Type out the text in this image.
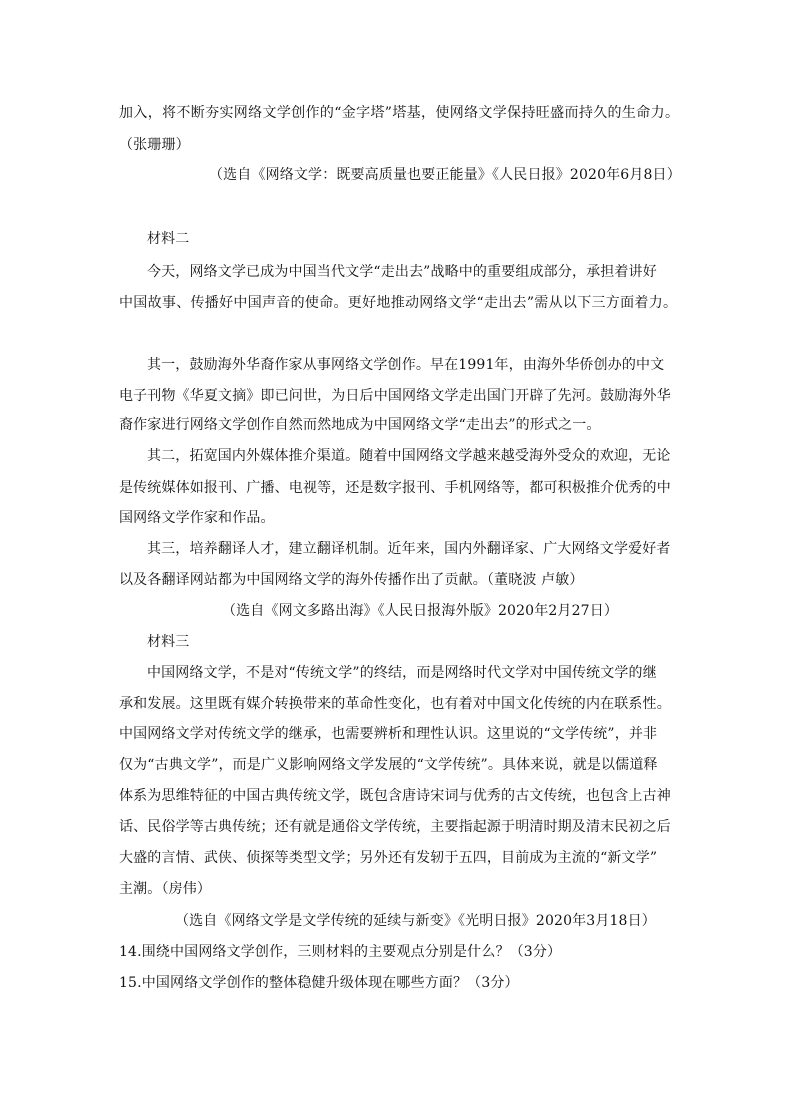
加入，将不断夯实网络文学创作的“金字塔”塔基，使网络文学保持旺盛而持久的生命力。
（张珊珊）
（选自《网络文学：既要高质量也要正能量》《人民日报》2020年6月8日）
材料二
今天，网络文学已成为中国当代文学“走出去”战略中的重要组成部分，承担着讲好
中国故事、传播好中国声音的使命。更好地推动网络文学“走出去”需从以下三方面着力。
其一，鼓励海外华裔作家从事网络文学创作。早在1991年，由海外华侨创办的中文
电子刊物《华夏文摘》即已问世，为日后中国网络文学走出国门开辟了先河。鼓励海外华
裔作家进行网络文学创作自然而然地成为中国网络文学“走出去”的形式之一。
其二，拓宽国内外媒体推介渠道。随着中国网络文学越来越受海外受众的欢迎，无论
是传统媒体如报刊、广播、电视等，还是数字报刊、手机网络等，都可积极推介优秀的中
国网络文学作家和作品。
其三，培养翻译人才，建立翻译机制。近年来，国内外翻译家、广大网络文学爱好者
以及各翻译网站都为中国网络文学的海外传播作出了贡献。（董晓波 卢敏）
（选自《网文多路出海》《人民日报海外版》2020年2月27日）
材料三
中国网络文学，不是对“传统文学”的终结，而是网络时代文学对中国传统文学的继
承和发展。这里既有媒介转换带来的革命性变化，也有着对中国文化传统的内在联系性。
中国网络文学对传统文学的继承，也需要辨析和理性认识。这里说的“文学传统”，并非
仅为“古典文学”，而是广义影响网络文学发展的“文学传统”。具体来说，就是以儒道释
体系为思维特征的中国古典传统文学，既包含唐诗宋词与优秀的古文传统，也包含上古神
话、民俗学等古典传统；还有就是通俗文学传统，主要指起源于明清时期及清末民初之后
大盛的言情、武侠、侦探等类型文学；另外还有发轫于五四，目前成为主流的“新文学”
主潮。（房伟）
（选自《网络文学是文学传统的延续与新变》《光明日报》2020年3月18日）
14.围绕中国网络文学创作，三则材料的主要观点分别是什么？（3分）
15.中国网络文学创作的整体稳健升级体现在哪些方面？（3分）
